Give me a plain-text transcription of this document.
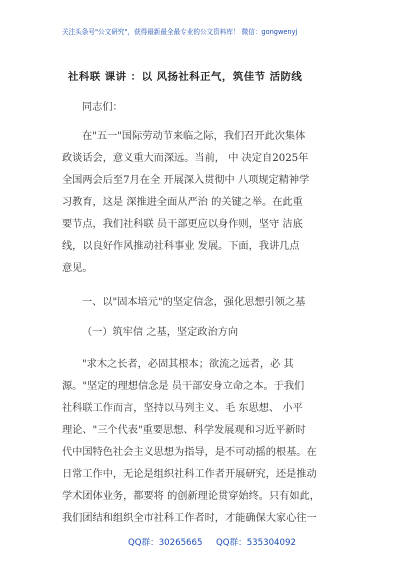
关注头条号"公文研究"，获得最新最全最专业的公文资料库！ 微信：gongwenyj
社科联 课讲 ：以 风扬社科正气，筑佳节 活防线
同志们：
在"五一"国际劳动节来临之际，我们召开此次集体
政谈话会，意义重大而深远。当前， 中 决定自2025年
全国两会后至7月在全 开展深入贯彻中 八项规定精神学
习教育，这是 深推进全面从严治 的关键之举。在此重
要节点，我们社科联 员干部更应以身作则，坚守 洁底
线，以良好作风推动社科事业 发展。下面，我讲几点
意见。
一、以"固本培元"的坚定信念，强化思想引领之基
（一）筑牢信 之基，坚定政治方向
"求木之长者，必固其根本；欲流之远者，必 其
源。"坚定的理想信念是 员干部安身立命之本。于我们
社科联工作而言，坚持以马列主义、毛 东思想、 小平
理论、"三个代表"重要思想、科学发展观和习近平新时
代中国特色社会主义思想为指导，是不可动摇的根基。在
日常工作中，无论是组织社科工作者开展研究，还是推动
学术团体业务，都要将 的创新理论贯穿始终。只有如此，
我们团结和组织全市社科工作者时，才能确保大家心往一
QQ群：30265665 QQ群：535304092
